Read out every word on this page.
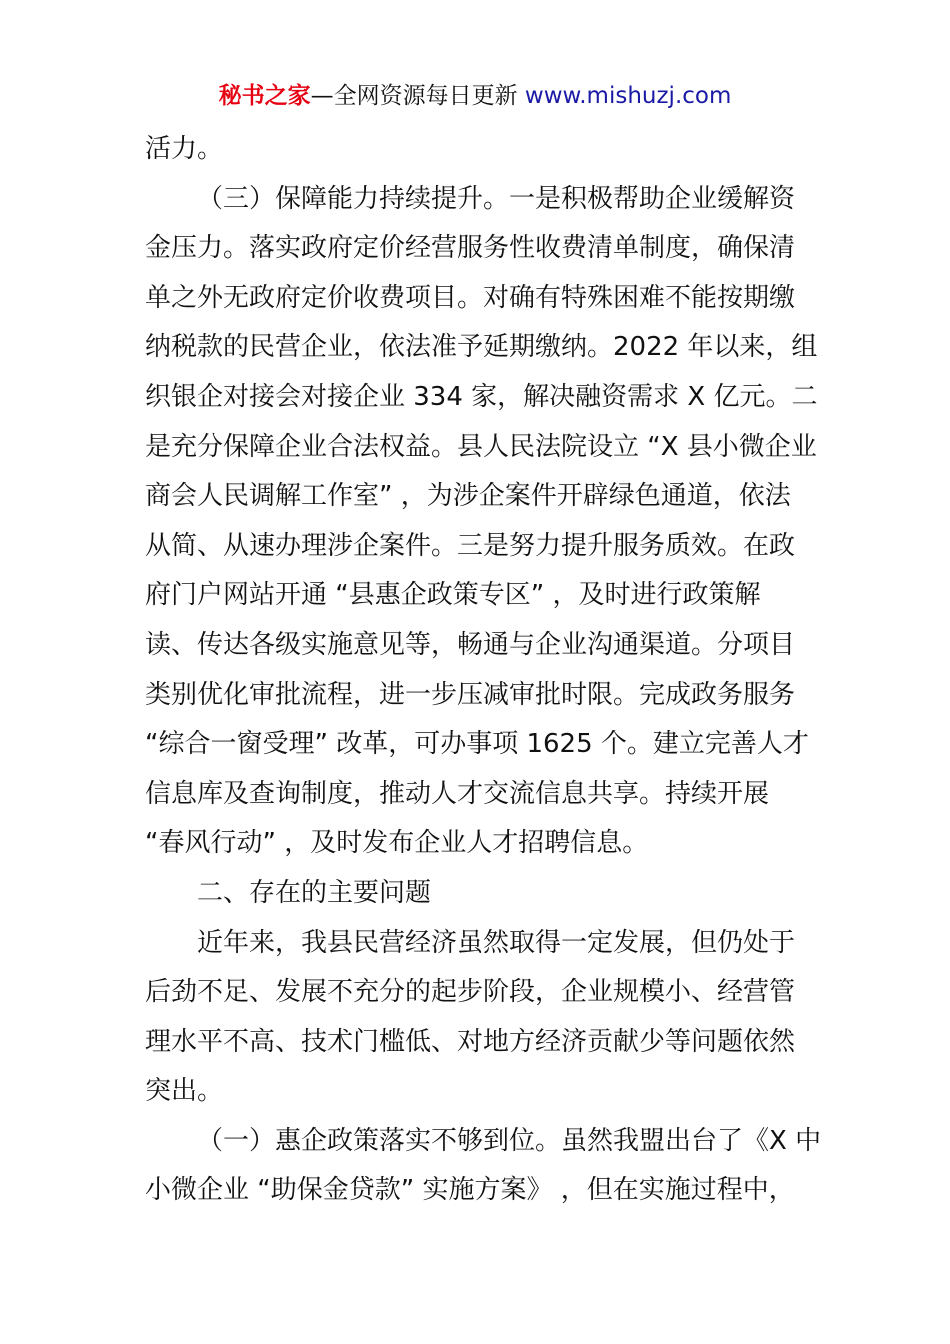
秘书之家—全网资源每日更新 www.mishuzj.com
活力。
（三）保障能力持续提升。一是积极帮助企业缓解资
金压力。落实政府定价经营服务性收费清单制度，确保清
单之外无政府定价收费项目。对确有特殊困难不能按期缴
纳税款的民营企业，依法准予延期缴纳。2022 年以来，组
织银企对接会对接企业 334 家，解决融资需求 X 亿元。二
是充分保障企业合法权益。县人民法院设立 “X 县小微企业
商会人民调解工作室” ，为涉企案件开辟绿色通道，依法
从简、从速办理涉企案件。三是努力提升服务质效。在政
府门户网站开通 “县惠企政策专区” ，及时进行政策解
读、传达各级实施意见等，畅通与企业沟通渠道。分项目
类别优化审批流程，进一步压减审批时限。完成政务服务
“综合一窗受理” 改革，可办事项 1625 个。建立完善人才
信息库及查询制度，推动人才交流信息共享。持续开展
“春风行动” ，及时发布企业人才招聘信息。
二、存在的主要问题
近年来，我县民营经济虽然取得一定发展，但仍处于
后劲不足、发展不充分的起步阶段，企业规模小、经营管
理水平不高、技术门槛低、对地方经济贡献少等问题依然
突出。
（一）惠企政策落实不够到位。虽然我盟出台了《X 中
小微企业 “助保金贷款” 实施方案》 ，但在实施过程中，
